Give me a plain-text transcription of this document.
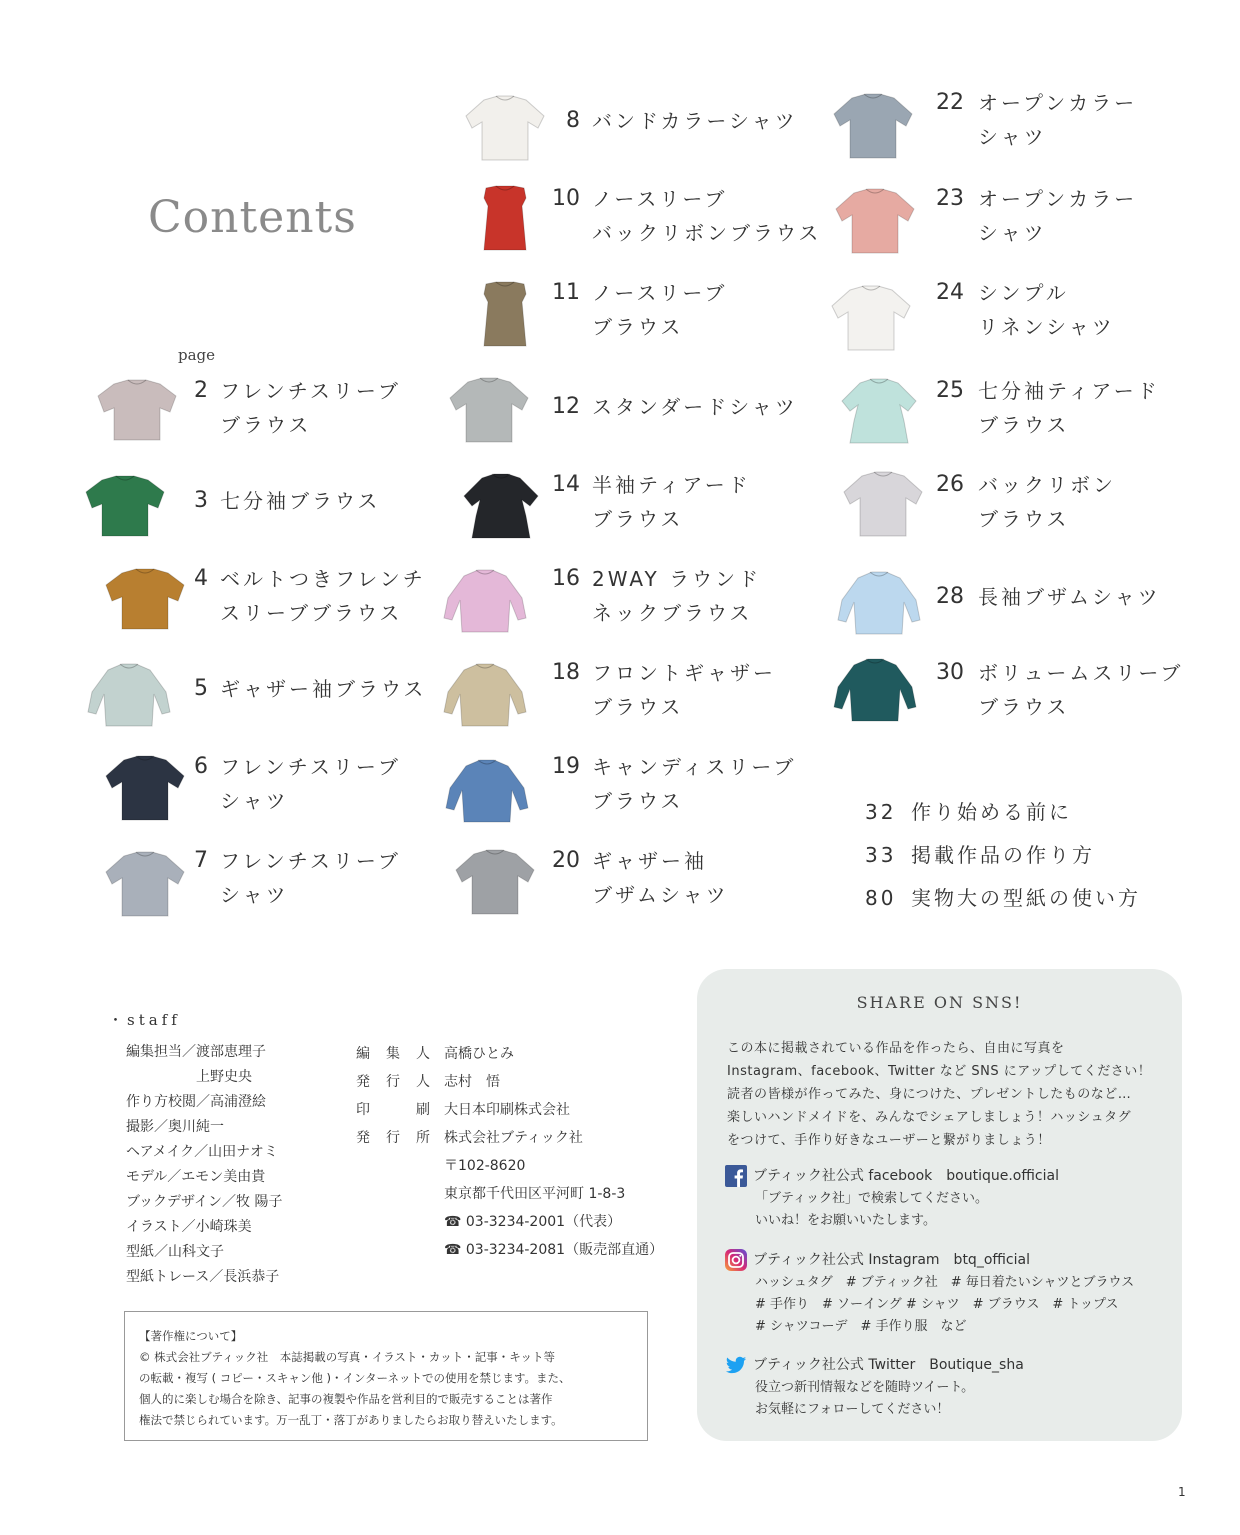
Contents
page
8 バンドカラーシャツ
10 ノースリーブ
バックリボンブラウス
11 ノースリーブ
ブラウス
2 フレンチスリーブ
ブラウス
12 スタンダードシャツ
3 七分袖ブラウス
14 半袖ティアード
ブラウス
4 ベルトつきフレンチ
スリーブブラウス
16 2WAY ラウンド
ネックブラウス
5 ギャザー袖ブラウス
18 フロントギャザー
ブラウス
6 フレンチスリーブ
シャツ
19 キャンディスリーブ
ブラウス
7 フレンチスリーブ
シャツ
20 ギャザー袖
ブザムシャツ
22 オープンカラー
シャツ
23 オープンカラー
シャツ
24 シンプル
リネンシャツ
25 七分袖ティアード
ブラウス
26 バックリボン
ブラウス
28 長袖ブザムシャツ
30 ボリュームスリーブ
ブラウス
32 作り始める前に
33 掲載作品の作り方
80 実物大の型紙の使い方
・staff
編集担当／渡部恵理子
　　　　　上野史央
作り方校閲／高浦澄絵
撮影／奥川純一
ヘアメイク／山田ナオミ
モデル／エモン美由貴
ブックデザイン／牧 陽子
イラスト／小崎珠美
型紙／山科文子
型紙トレース／長浜恭子
編　集　人 高橋ひとみ
発　行　人 志村　悟
印　　　刷 大日本印刷株式会社
発　行　所 株式会社ブティック社
〒102-8620
東京都千代田区平河町 1-8-3
☎ 03-3234-2001（代表）
☎ 03-3234-2081（販売部直通）
【著作権について】
© 株式会社ブティック社　本誌掲載の写真・イラスト・カット・記事・キット等
の転載・複写 ( コピー・スキャン他 )・インターネットでの使用を禁じます。また、
個人的に楽しむ場合を除き、記事の複製や作品を営利目的で販売することは著作
権法で禁じられています。万一乱丁・落丁がありましたらお取り替えいたします。
SHARE ON SNS!
この本に掲載されている作品を作ったら、自由に写真を
Instagram、facebook、Twitter など SNS にアップしてください！
読者の皆様が作ってみた、身につけた、プレゼントしたものなど…
楽しいハンドメイドを、みんなでシェアしましょう！ハッシュタグ
をつけて、手作り好きなユーザーと繋がりましょう！
ブティック社公式 facebook　boutique.official
「ブティック社」で検索してください。
いいね！をお願いいたします。
ブティック社公式 Instagram　btq_official
ハッシュタグ　# ブティック社　# 毎日着たいシャツとブラウス
# 手作り　# ソーイング # シャツ　# ブラウス　# トップス
# シャツコーデ　# 手作り服　など
ブティック社公式 Twitter　Boutique_sha
役立つ新刊情報などを随時ツイート。
お気軽にフォローしてください！
1
